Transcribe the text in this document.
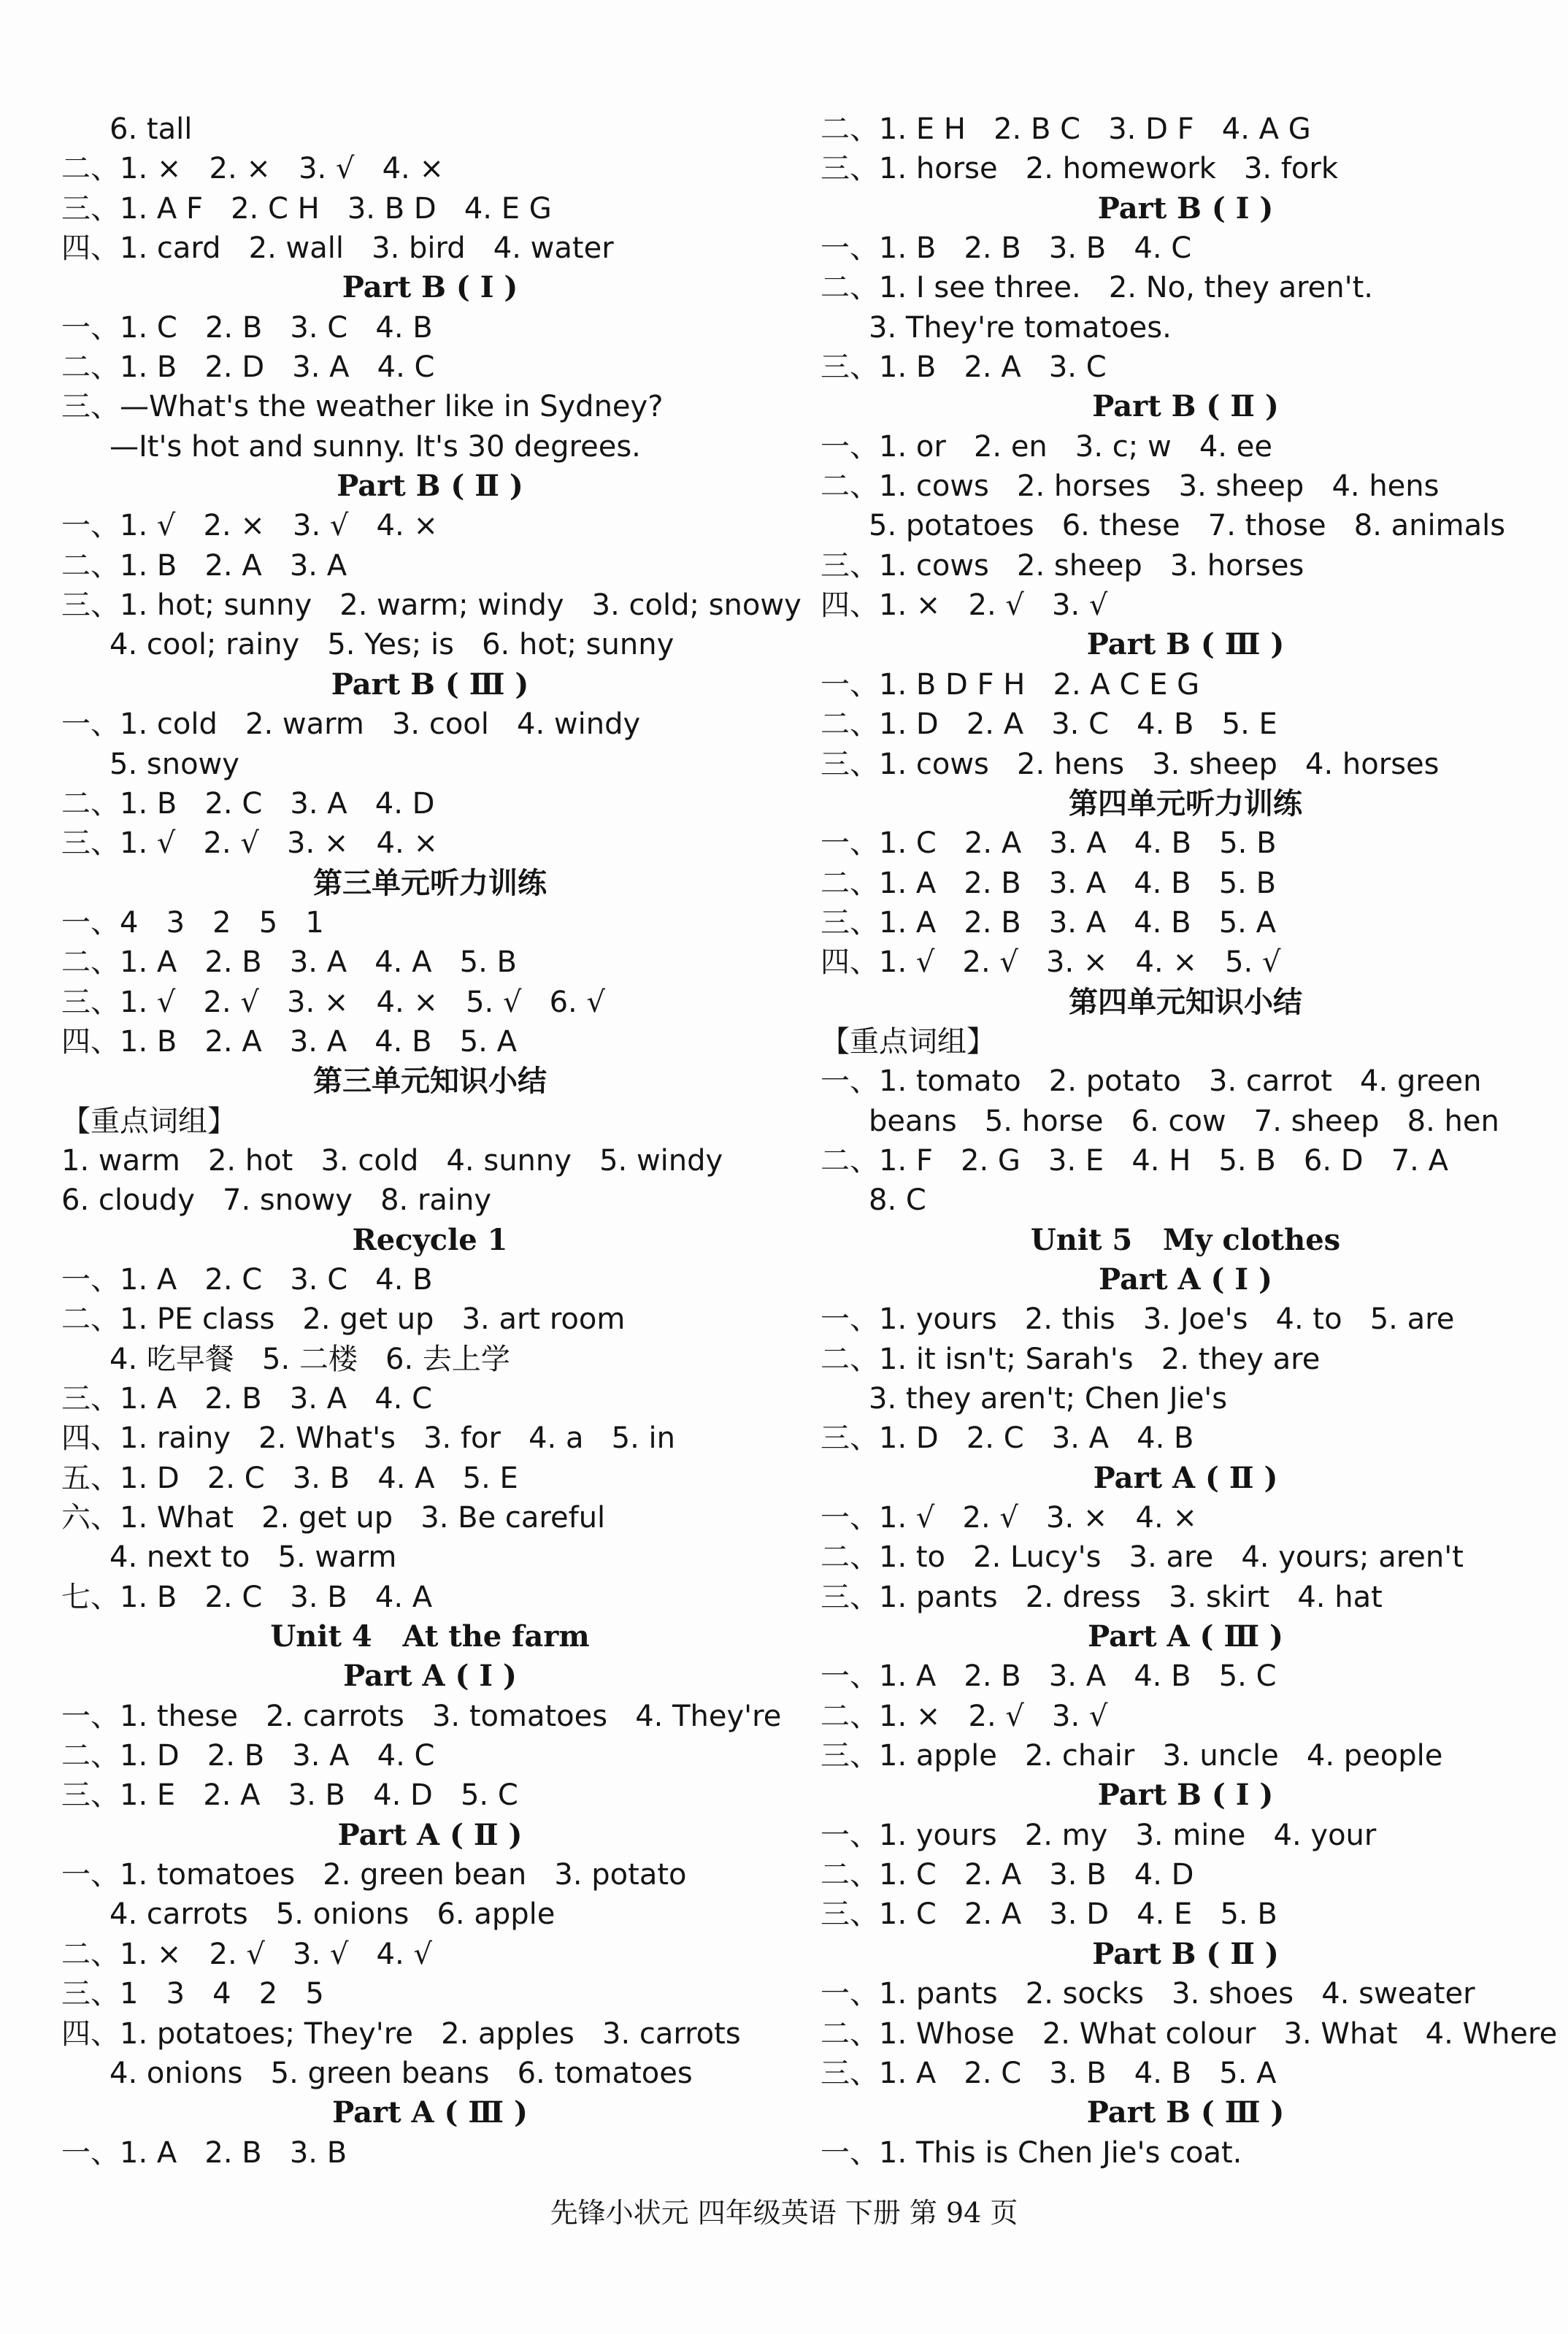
6. tall
二、1. ×   2. ×   3. √   4. ×
三、1. A F   2. C H   3. B D   4. E G
四、1. card   2. wall   3. bird   4. water
Part B ( Ⅰ )
一、1. C   2. B   3. C   4. B
二、1. B   2. D   3. A   4. C
三、—What's the weather like in Sydney?
—It's hot and sunny. It's 30 degrees.
Part B ( Ⅱ )
一、1. √   2. ×   3. √   4. ×
二、1. B   2. A   3. A
三、1. hot; sunny   2. warm; windy   3. cold; snowy
4. cool; rainy   5. Yes; is   6. hot; sunny
Part B ( Ⅲ )
一、1. cold   2. warm   3. cool   4. windy
5. snowy
二、1. B   2. C   3. A   4. D
三、1. √   2. √   3. ×   4. ×
第三单元听力训练
一、4   3   2   5   1
二、1. A   2. B   3. A   4. A   5. B
三、1. √   2. √   3. ×   4. ×   5. √   6. √
四、1. B   2. A   3. A   4. B   5. A
第三单元知识小结
【重点词组】
1. warm   2. hot   3. cold   4. sunny   5. windy
6. cloudy   7. snowy   8. rainy
Recycle 1
一、1. A   2. C   3. C   4. B
二、1. PE class   2. get up   3. art room
4. 吃早餐   5. 二楼   6. 去上学
三、1. A   2. B   3. A   4. C
四、1. rainy   2. What's   3. for   4. a   5. in
五、1. D   2. C   3. B   4. A   5. E
六、1. What   2. get up   3. Be careful
4. next to   5. warm
七、1. B   2. C   3. B   4. A
Unit 4   At the farm
Part A ( Ⅰ )
一、1. these   2. carrots   3. tomatoes   4. They're
二、1. D   2. B   3. A   4. C
三、1. E   2. A   3. B   4. D   5. C
Part A ( Ⅱ )
一、1. tomatoes   2. green bean   3. potato
4. carrots   5. onions   6. apple
二、1. ×   2. √   3. √   4. √
三、1   3   4   2   5
四、1. potatoes; They're   2. apples   3. carrots
4. onions   5. green beans   6. tomatoes
Part A ( Ⅲ )
一、1. A   2. B   3. B
二、1. E H   2. B C   3. D F   4. A G
三、1. horse   2. homework   3. fork
Part B ( Ⅰ )
一、1. B   2. B   3. B   4. C
二、1. I see three.   2. No, they aren't.
3. They're tomatoes.
三、1. B   2. A   3. C
Part B ( Ⅱ )
一、1. or   2. en   3. c; w   4. ee
二、1. cows   2. horses   3. sheep   4. hens
5. potatoes   6. these   7. those   8. animals
三、1. cows   2. sheep   3. horses
四、1. ×   2. √   3. √
Part B ( Ⅲ )
一、1. B D F H   2. A C E G
二、1. D   2. A   3. C   4. B   5. E
三、1. cows   2. hens   3. sheep   4. horses
第四单元听力训练
一、1. C   2. A   3. A   4. B   5. B
二、1. A   2. B   3. A   4. B   5. B
三、1. A   2. B   3. A   4. B   5. A
四、1. √   2. √   3. ×   4. ×   5. √
第四单元知识小结
【重点词组】
一、1. tomato   2. potato   3. carrot   4. green
beans   5. horse   6. cow   7. sheep   8. hen
二、1. F   2. G   3. E   4. H   5. B   6. D   7. A
8. C
Unit 5   My clothes
Part A ( Ⅰ )
一、1. yours   2. this   3. Joe's   4. to   5. are
二、1. it isn't; Sarah's   2. they are
3. they aren't; Chen Jie's
三、1. D   2. C   3. A   4. B
Part A ( Ⅱ )
一、1. √   2. √   3. ×   4. ×
二、1. to   2. Lucy's   3. are   4. yours; aren't
三、1. pants   2. dress   3. skirt   4. hat
Part A ( Ⅲ )
一、1. A   2. B   3. A   4. B   5. C
二、1. ×   2. √   3. √
三、1. apple   2. chair   3. uncle   4. people
Part B ( Ⅰ )
一、1. yours   2. my   3. mine   4. your
二、1. C   2. A   3. B   4. D
三、1. C   2. A   3. D   4. E   5. B
Part B ( Ⅱ )
一、1. pants   2. socks   3. shoes   4. sweater
二、1. Whose   2. What colour   3. What   4. Where
三、1. A   2. C   3. B   4. B   5. A
Part B ( Ⅲ )
一、1. This is Chen Jie's coat.
先锋小状元 四年级英语 下册 第 94 页
